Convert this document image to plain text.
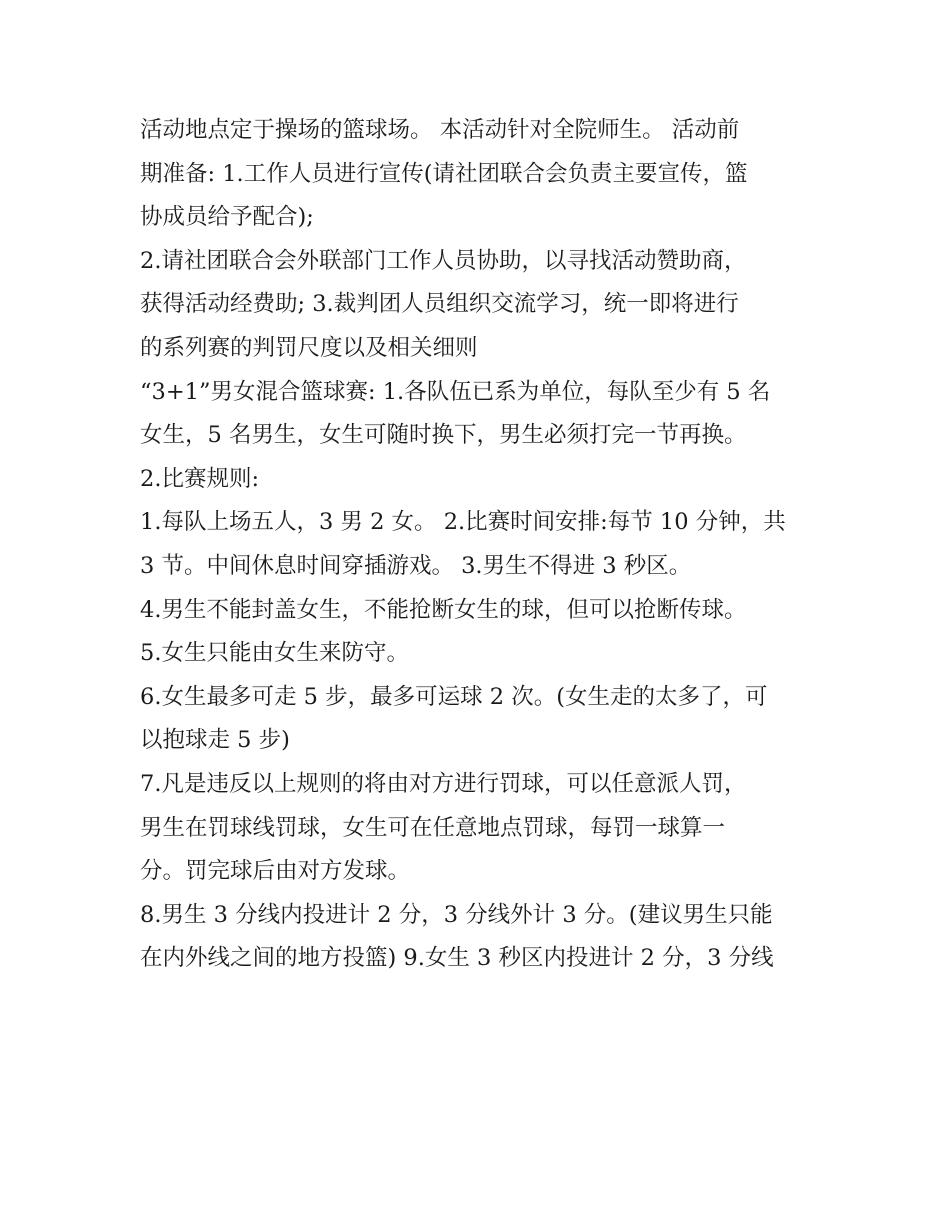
活动地点定于操场的篮球场。 本活动针对全院师生。 活动前

期准备: 1.工作人员进行宣传(请社团联合会负责主要宣传，篮

协成员给予配合);

2.请社团联合会外联部门工作人员协助，以寻找活动赞助商，

获得活动经费助; 3.裁判团人员组织交流学习，统一即将进行

的系列赛的判罚尺度以及相关细则

“3+1”男女混合篮球赛: 1.各队伍已系为单位，每队至少有 5 名

女生，5 名男生，女生可随时换下，男生必须打完一节再换。

2.比赛规则:

1.每队上场五人，3 男 2 女。 2.比赛时间安排:每节 10 分钟，共

3 节。中间休息时间穿插游戏。 3.男生不得进 3 秒区。

4.男生不能封盖女生，不能抢断女生的球，但可以抢断传球。

5.女生只能由女生来防守。

6.女生最多可走 5 步，最多可运球 2 次。(女生走的太多了，可

以抱球走 5 步)

7.凡是违反以上规则的将由对方进行罚球，可以任意派人罚，

男生在罚球线罚球，女生可在任意地点罚球，每罚一球算一

分。罚完球后由对方发球。

8.男生 3 分线内投进计 2 分，3 分线外计 3 分。(建议男生只能

在内外线之间的地方投篮) 9.女生 3 秒区内投进计 2 分，3 分线
